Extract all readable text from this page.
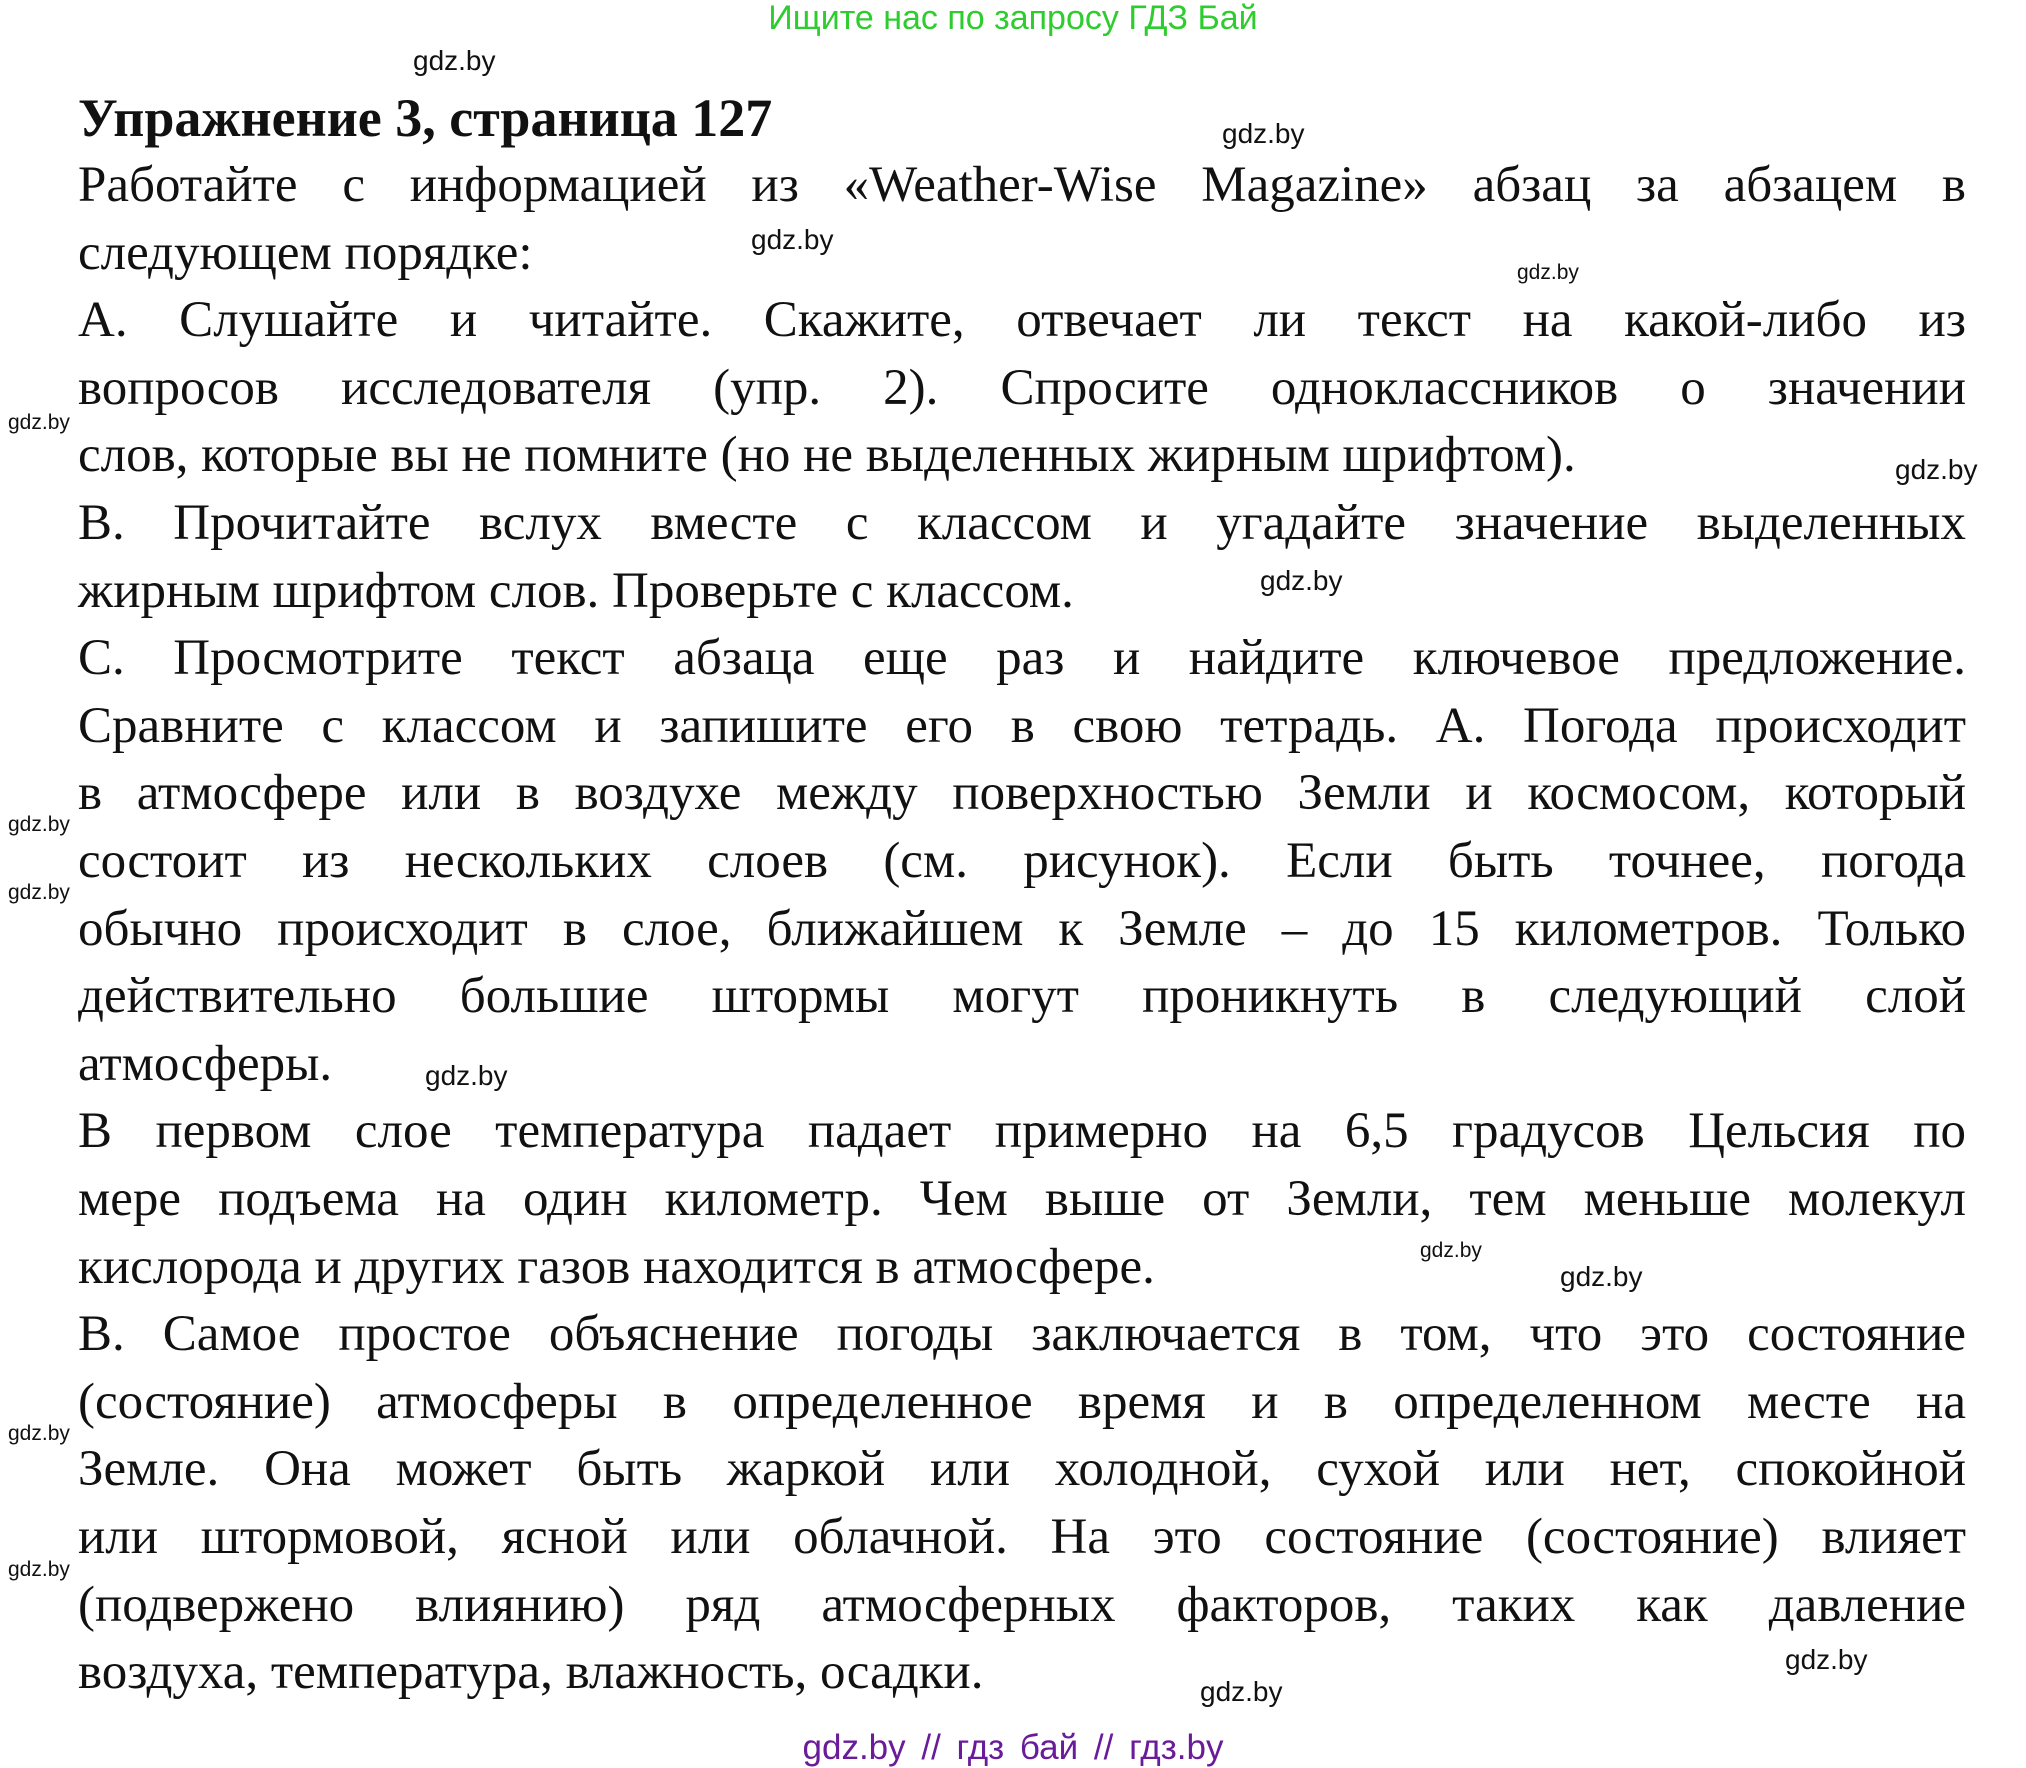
Ищите нас по запросу ГДЗ Бай
Упражнение 3, страница 127
Работайте с информацией из «Weather-Wise Magazine» абзац за абзацем в
следующем порядке:
A. Слушайте и читайте. Скажите, отвечает ли текст на какой-либо из
вопросов исследователя (упр. 2). Спросите одноклассников о значении
слов, которые вы не помните (но не выделенных жирным шрифтом).
B. Прочитайте вслух вместе с классом и угадайте значение выделенных
жирным шрифтом слов. Проверьте с классом.
C. Просмотрите текст абзаца еще раз и найдите ключевое предложение.
Сравните с классом и запишите его в свою тетрадь. A. Погода происходит
в атмосфере или в воздухе между поверхностью Земли и космосом, который
состоит из нескольких слоев (см. рисунок). Если быть точнее, погода
обычно происходит в слое, ближайшем к Земле – до 15 километров. Только
действительно большие штормы могут проникнуть в следующий слой
атмосферы.
В первом слое температура падает примерно на 6,5 градусов Цельсия по
мере подъема на один километр. Чем выше от Земли, тем меньше молекул
кислорода и других газов находится в атмосфере.
B. Самое простое объяснение погоды заключается в том, что это состояние
(состояние) атмосферы в определенное время и в определенном месте на
Земле. Она может быть жаркой или холодной, сухой или нет, спокойной
или штормовой, ясной или облачной. На это состояние (состояние) влияет
(подвержено влиянию) ряд атмосферных факторов, таких как давление
воздуха, температура, влажность, осадки.
gdz.by
gdz.by
gdz.by
gdz.by
gdz.by
gdz.by
gdz.by
gdz.by
gdz.by
gdz.by
gdz.by
gdz.by
gdz.by
gdz.by
gdz.by
gdz.by
gdz.by // гдз бай // гдз.by
